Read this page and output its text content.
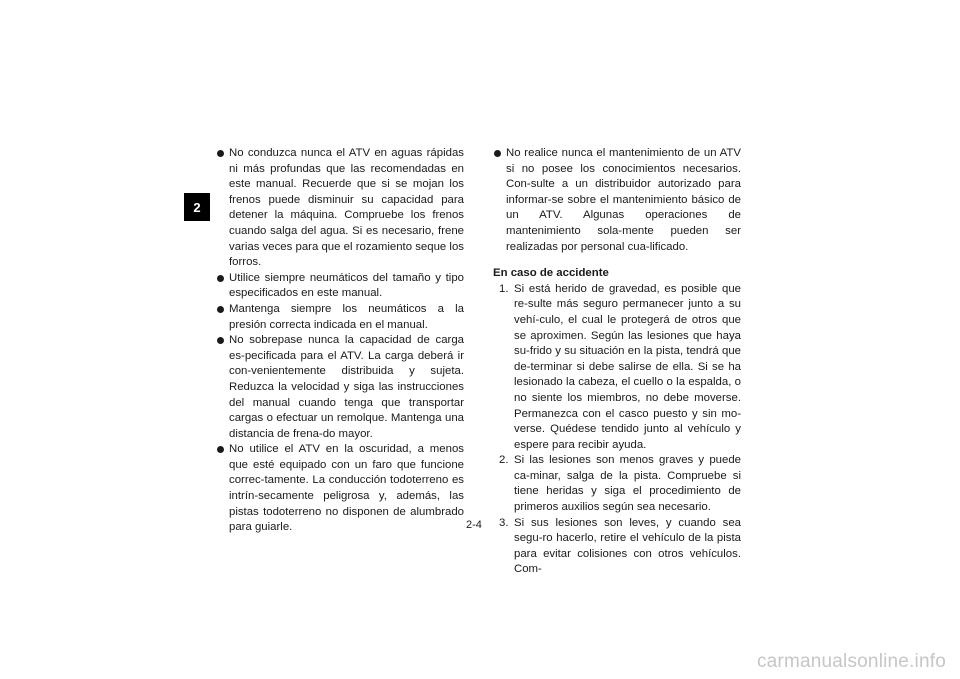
2
No conduzca nunca el ATV en aguas rápidas ni más profundas que las recomendadas en este manual. Recuerde que si se mojan los frenos puede disminuir su capacidad para detener la máquina. Compruebe los frenos cuando salga del agua. Si es necesario, frene varias veces para que el rozamiento seque los forros.
Utilice siempre neumáticos del tamaño y tipo especificados en este manual.
Mantenga siempre los neumáticos a la presión correcta indicada en el manual.
No sobrepase nunca la capacidad de carga es-pecificada para el ATV. La carga deberá ir con-venientemente distribuida y sujeta. Reduzca la velocidad y siga las instrucciones del manual cuando tenga que transportar cargas o efectuar un remolque. Mantenga una distancia de frena-do mayor.
No utilice el ATV en la oscuridad, a menos que esté equipado con un faro que funcione correc-tamente. La conducción todoterreno es intrín-secamente peligrosa y, además, las pistas todoterreno no disponen de alumbrado para guiarle.
No realice nunca el mantenimiento de un ATV si no posee los conocimientos necesarios. Con-sulte a un distribuidor autorizado para informar-se sobre el mantenimiento básico de un ATV. Algunas operaciones de mantenimiento sola-mente pueden ser realizadas por personal cua-lificado.
En caso de accidente
1. Si está herido de gravedad, es posible que re-sulte más seguro permanecer junto a su vehí-culo, el cual le protegerá de otros que se aproximen. Según las lesiones que haya su-frido y su situación en la pista, tendrá que de-terminar si debe salirse de ella. Si se ha lesionado la cabeza, el cuello o la espalda, o no siente los miembros, no debe moverse. Permanezca con el casco puesto y sin mo-verse. Quédese tendido junto al vehículo y espere para recibir ayuda.
2. Si las lesiones son menos graves y puede ca-minar, salga de la pista. Compruebe si tiene heridas y siga el procedimiento de primeros auxilios según sea necesario.
3. Si sus lesiones son leves, y cuando sea segu-ro hacerlo, retire el vehículo de la pista para evitar colisiones con otros vehículos. Com-
2-4
carmanualsonline.info
